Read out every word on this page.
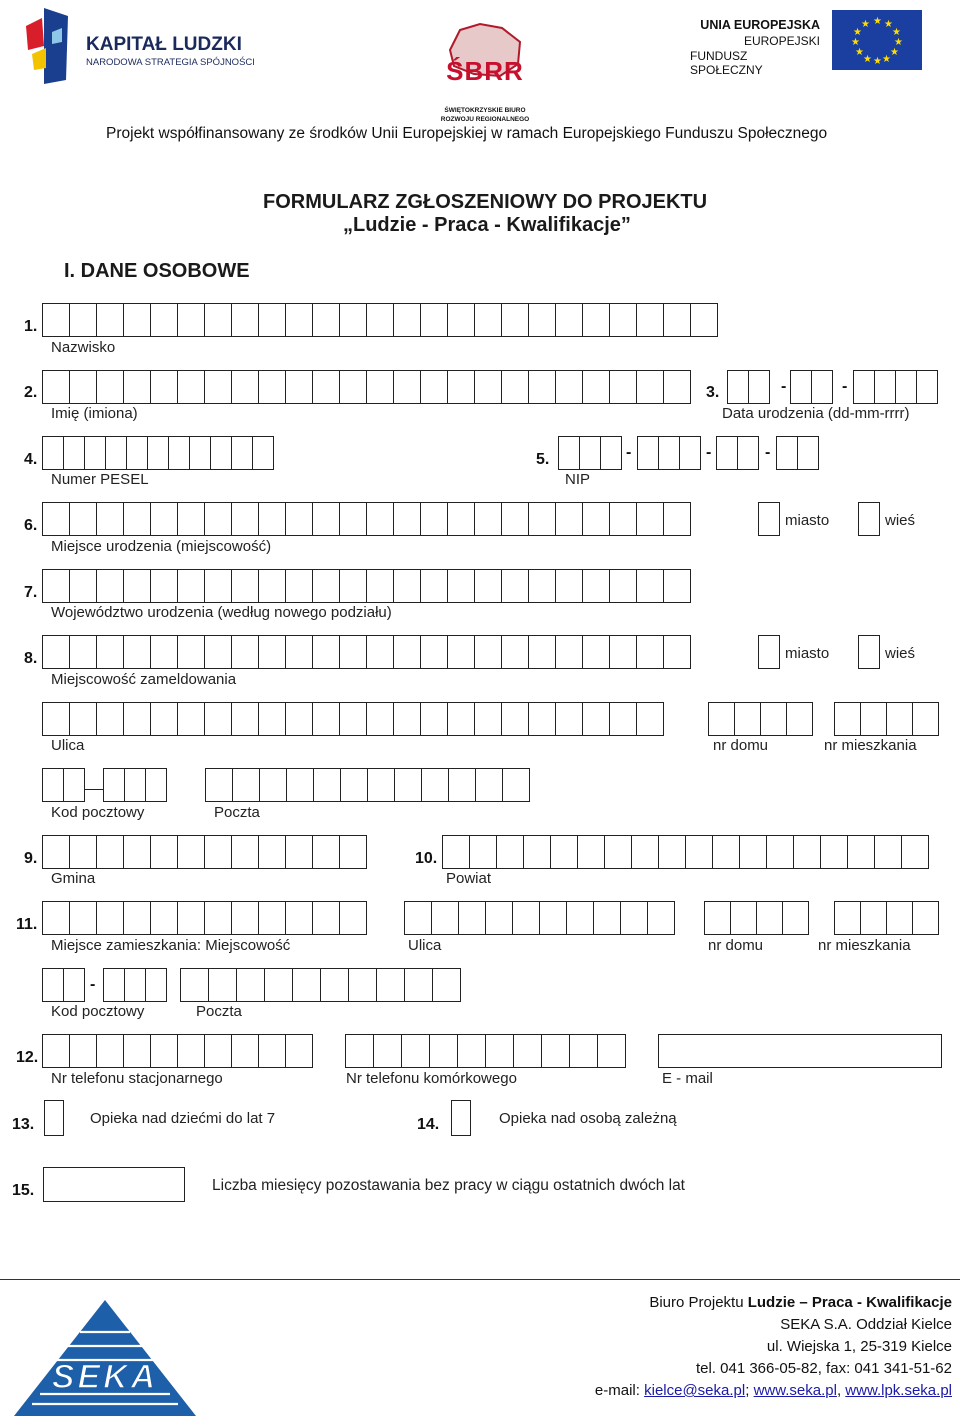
KAPITAŁ LUDZKI
NARODOWA STRATEGIA SPÓJNOŚCI	ŚBRR
ŚWIĘTOKRZYSKIE BIURO
ROZWOJU REGIONALNEGO
UNIA EUROPEJSKA
EUROPEJSKI
FUNDUSZ SPOŁECZNY
★ ★
★
★
★
★
★
★
★
★
★
★
Projekt współfinansowany ze środków Unii Europejskiej w ramach Europejskiego Funduszu Społecznego
FORMULARZ ZGŁOSZENIOWY DO PROJEKTU
„Ludzie - Praca - Kwalifikacje”
I. DANE OSOBOWE
1.
Nazwisko
2.
Imię (imiona)
3.	-	-
Data urodzenia (dd-mm-rrrr)
4.
Numer PESEL
5.	-	-	-
NIP
6.
Miejsce urodzenia (miejscowość)
miasto	wieś
7.
Województwo urodzenia (według nowego podziału)
8.
Miejscowość zameldowania
miasto	wieś
Ulica	nr domu	nr mieszkania
Kod pocztowy	Poczta
9.
Gmina
10.
Powiat
11.
Miejsce zamieszkania: Miejscowość	Ulica	nr domu	nr mieszkania
-
Kod pocztowy	Poczta
12.
Nr telefonu stacjonarnego	Nr telefonu komórkowego	E - mail
13.	Opieka nad dziećmi do lat 7	14.	Opieka nad osobą zależną
15.	Liczba miesięcy pozostawania bez pracy w ciągu ostatnich dwóch lat
SEKA
Biuro Projektu Ludzie – Praca - Kwalifikacje
SEKA S.A. Oddział Kielce
ul. Wiejska 1, 25-319 Kielce
tel. 041 366-05-82, fax: 041 341-51-62
e-mail: kielce@seka.pl; www.seka.pl, www.lpk.seka.pl
